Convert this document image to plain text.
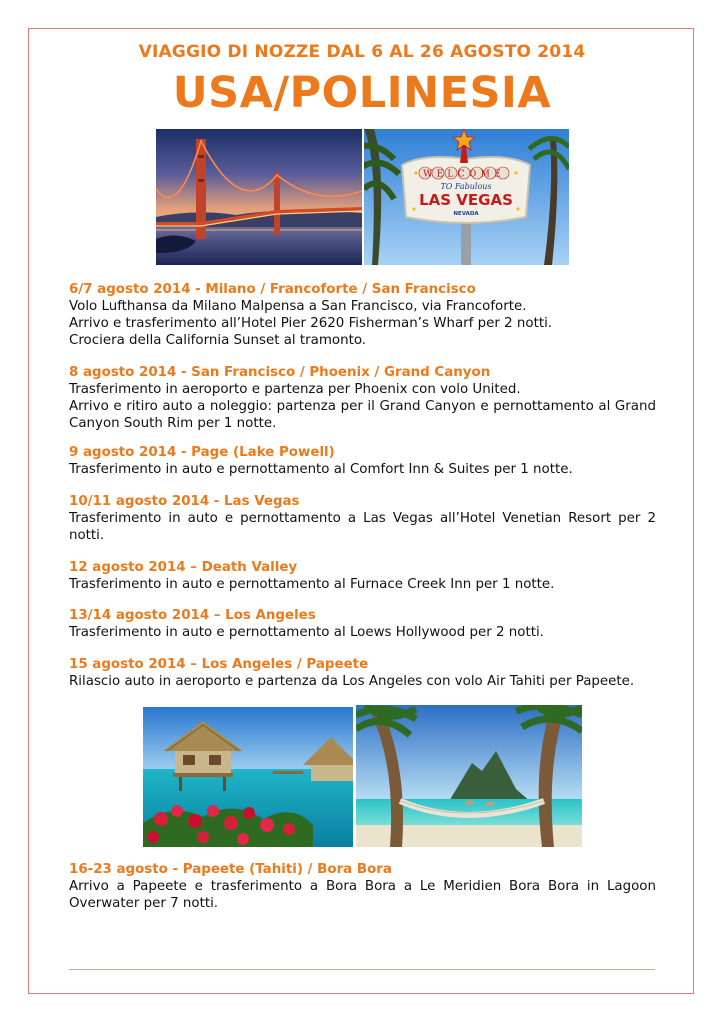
VIAGGIO DI NOZZE DAL 6 AL 26 AGOSTO 2014
USA/POLINESIA
WELCOME
TO Fabulous
LAS VEGAS
NEVADA
6/7 agosto 2014 - Milano / Francoforte / San Francisco
Volo Lufthansa da Milano Malpensa a San Francisco, via Francoforte.
Arrivo e trasferimento all’Hotel Pier 2620 Fisherman’s Wharf per 2 notti.
Crociera della California Sunset al tramonto.
8 agosto 2014 - San Francisco / Phoenix / Grand Canyon
Trasferimento in aeroporto e partenza per Phoenix con volo United.
Arrivo e ritiro auto a noleggio: partenza per il Grand Canyon e pernottamento al Grand Canyon South Rim per 1 notte.
9 agosto 2014 - Page (Lake Powell)
Trasferimento in auto e pernottamento al Comfort Inn & Suites per 1 notte.
10/11 agosto 2014 - Las Vegas
Trasferimento in auto e pernottamento a Las Vegas all’Hotel Venetian Resort per 2 notti.
12 agosto 2014 – Death Valley
Trasferimento in auto e pernottamento al Furnace Creek Inn per 1 notte.
13/14 agosto 2014 – Los Angeles
Trasferimento in auto e pernottamento al Loews Hollywood per 2 notti.
15 agosto 2014 – Los Angeles / Papeete
Rilascio auto in aeroporto e partenza da Los Angeles con volo Air Tahiti per Papeete.
16-23 agosto - Papeete (Tahiti) / Bora Bora
Arrivo a Papeete e trasferimento a Bora Bora a Le Meridien Bora Bora in Lagoon Overwater per 7 notti.
